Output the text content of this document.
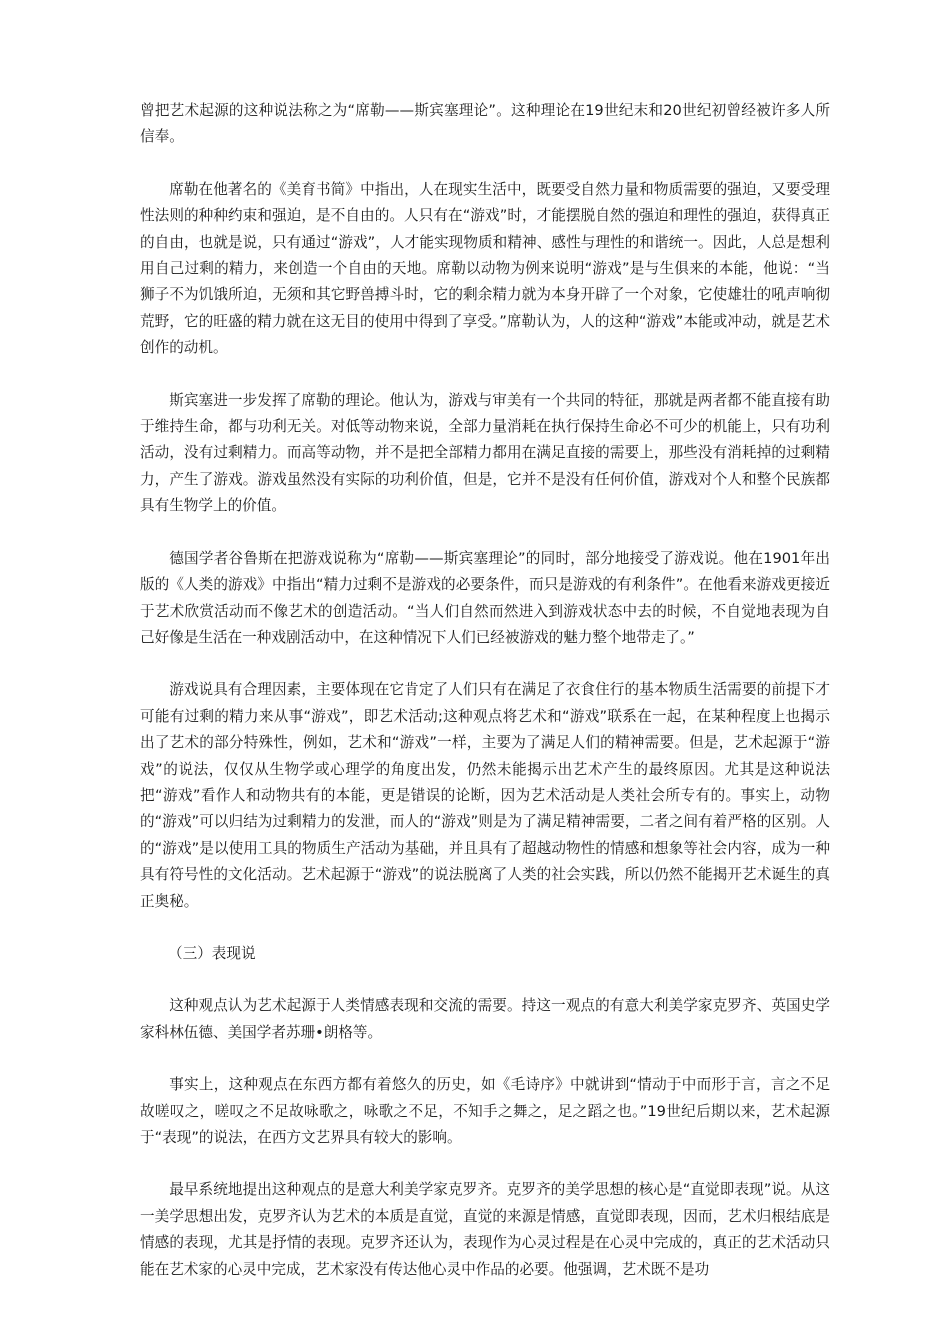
曾把艺术起源的这种说法称之为“席勒——斯宾塞理论”。这种理论在19世纪末和20世纪初曾经被许多人所信奉。

席勒在他著名的《美育书简》中指出，人在现实生活中，既要受自然力量和物质需要的强迫，又要受理性法则的种种约束和强迫，是不自由的。人只有在“游戏”时，才能摆脱自然的强迫和理性的强迫，获得真正的自由，也就是说，只有通过“游戏”，人才能实现物质和精神、感性与理性的和谐统一。因此，人总是想利用自己过剩的精力，来创造一个自由的天地。席勒以动物为例来说明“游戏”是与生俱来的本能，他说：“当狮子不为饥饿所迫，无须和其它野兽搏斗时，它的剩余精力就为本身开辟了一个对象，它使雄壮的吼声响彻荒野，它的旺盛的精力就在这无目的使用中得到了享受。”席勒认为，人的这种“游戏”本能或冲动，就是艺术创作的动机。

斯宾塞进一步发挥了席勒的理论。他认为，游戏与审美有一个共同的特征，那就是两者都不能直接有助于维持生命，都与功利无关。对低等动物来说，全部力量消耗在执行保持生命必不可少的机能上，只有功利活动，没有过剩精力。而高等动物，并不是把全部精力都用在满足直接的需要上，那些没有消耗掉的过剩精力，产生了游戏。游戏虽然没有实际的功利价值，但是，它并不是没有任何价值，游戏对个人和整个民族都具有生物学上的价值。

德国学者谷鲁斯在把游戏说称为“席勒——斯宾塞理论”的同时，部分地接受了游戏说。他在1901年出版的《人类的游戏》中指出“精力过剩不是游戏的必要条件，而只是游戏的有利条件”。在他看来游戏更接近于艺术欣赏活动而不像艺术的创造活动。“当人们自然而然进入到游戏状态中去的时候，不自觉地表现为自己好像是生活在一种戏剧活动中，在这种情况下人们已经被游戏的魅力整个地带走了。”

游戏说具有合理因素，主要体现在它肯定了人们只有在满足了衣食住行的基本物质生活需要的前提下才可能有过剩的精力来从事“游戏”，即艺术活动;这种观点将艺术和“游戏”联系在一起，在某种程度上也揭示出了艺术的部分特殊性，例如，艺术和“游戏”一样，主要为了满足人们的精神需要。但是，艺术起源于“游戏”的说法，仅仅从生物学或心理学的角度出发，仍然未能揭示出艺术产生的最终原因。尤其是这种说法把“游戏”看作人和动物共有的本能，更是错误的论断，因为艺术活动是人类社会所专有的。事实上，动物的“游戏”可以归结为过剩精力的发泄，而人的“游戏”则是为了满足精神需要，二者之间有着严格的区别。人的“游戏”是以使用工具的物质生产活动为基础，并且具有了超越动物性的情感和想象等社会内容，成为一种具有符号性的文化活动。艺术起源于“游戏”的说法脱离了人类的社会实践，所以仍然不能揭开艺术诞生的真正奥秘。

（三）表现说

这种观点认为艺术起源于人类情感表现和交流的需要。持这一观点的有意大利美学家克罗齐、英国史学家科林伍德、美国学者苏珊•朗格等。

事实上，这种观点在东西方都有着悠久的历史，如《毛诗序》中就讲到“情动于中而形于言，言之不足故嗟叹之，嗟叹之不足故咏歌之，咏歌之不足，不知手之舞之，足之蹈之也。”19世纪后期以来，艺术起源于“表现”的说法，在西方文艺界具有较大的影响。

最早系统地提出这种观点的是意大利美学家克罗齐。克罗齐的美学思想的核心是“直觉即表现”说。从这一美学思想出发，克罗齐认为艺术的本质是直觉，直觉的来源是情感，直觉即表现，因而，艺术归根结底是情感的表现，尤其是抒情的表现。克罗齐还认为，表现作为心灵过程是在心灵中完成的，真正的艺术活动只能在艺术家的心灵中完成，艺术家没有传达他心灵中作品的必要。他强调，艺术既不是功
